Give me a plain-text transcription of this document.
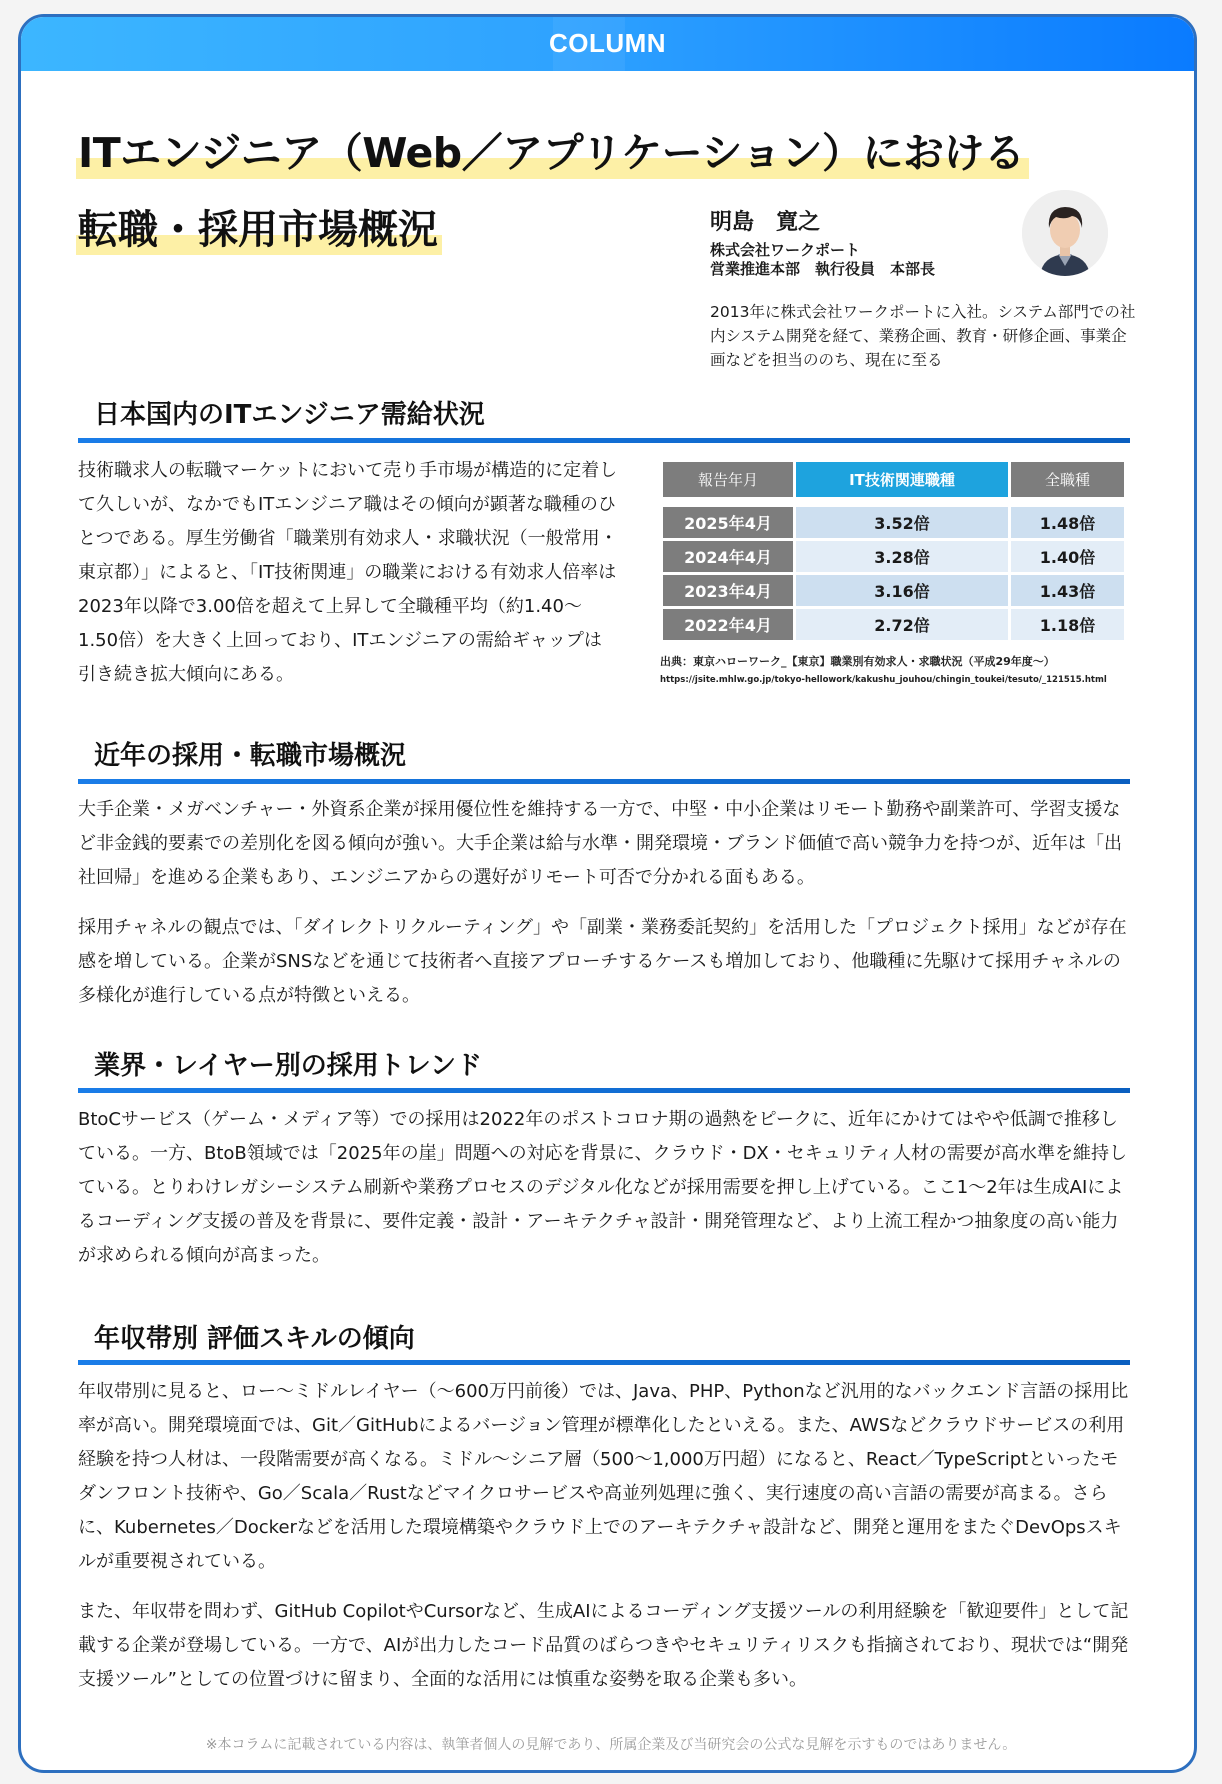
COLUMN
ITエンジニア（Web／アプリケーション）における
転職・採用市場概況	明島　寛之
株式会社ワークポート
営業推進本部　執行役員　本部長
2013年に株式会社ワークポートに入社。システム部門での社内システム開発を経て、業務企画、教育・研修企画、事業企画などを担当ののち、現在に至る
日本国内のITエンジニア需給状況

技術職求人の転職マーケットにおいて売り手市場が構造的に定着して久しいが、なかでもITエンジニア職はその傾向が顕著な職種のひとつである。厚生労働省「職業別有効求人・求職状況（一般常用・東京都）」によると、「IT技術関連」の職業における有効求人倍率は2023年以降で3.00倍を超えて上昇して全職種平均（約1.40～1.50倍）を大きく上回っており、ITエンジニアの需給ギャップは引き続き拡大傾向にある。

報告年月	IT技術関連職種	全職種

2025年4月	3.52倍	1.48倍
2024年4月	3.28倍	1.40倍
2023年4月	3.16倍	1.43倍
2022年4月	2.72倍	1.18倍
出典：東京ハローワーク_【東京】職業別有効求人・求職状況（平成29年度～）
https://jsite.mhlw.go.jp/tokyo-hellowork/kakushu_jouhou/chingin_toukei/tesuto/_121515.html
近年の採用・転職市場概況

大手企業・メガベンチャー・外資系企業が採用優位性を維持する一方で、中堅・中小企業はリモート勤務や副業許可、学習支援など非金銭的要素での差別化を図る傾向が強い。大手企業は給与水準・開発環境・ブランド価値で高い競争力を持つが、近年は「出社回帰」を進める企業もあり、エンジニアからの選好がリモート可否で分かれる面もある。

採用チャネルの観点では、「ダイレクトリクルーティング」や「副業・業務委託契約」を活用した「プロジェクト採用」などが存在感を増している。企業がSNSなどを通じて技術者へ直接アプローチするケースも増加しており、他職種に先駆けて採用チャネルの多様化が進行している点が特徴といえる。

業界・レイヤー別の採用トレンド

BtoCサービス（ゲーム・メディア等）での採用は2022年のポストコロナ期の過熱をピークに、近年にかけてはやや低調で推移している。一方、BtoB領域では「2025年の崖」問題への対応を背景に、クラウド・DX・セキュリティ人材の需要が高水準を維持している。とりわけレガシーシステム刷新や業務プロセスのデジタル化などが採用需要を押し上げている。ここ1～2年は生成AIによるコーディング支援の普及を背景に、要件定義・設計・アーキテクチャ設計・開発管理など、より上流工程かつ抽象度の高い能力が求められる傾向が高まった。

年収帯別 評価スキルの傾向

年収帯別に見ると、ロー～ミドルレイヤー（～600万円前後）では、Java、PHP、Pythonなど汎用的なバックエンド言語の採用比率が高い。開発環境面では、Git／GitHubによるバージョン管理が標準化したといえる。また、AWSなどクラウドサービスの利用経験を持つ人材は、一段階需要が高くなる。ミドル～シニア層（500～1,000万円超）になると、React／TypeScriptといったモダンフロント技術や、Go／Scala／Rustなどマイクロサービスや高並列処理に強く、実行速度の高い言語の需要が高まる。さらに、Kubernetes／Dockerなどを活用した環境構築やクラウド上でのアーキテクチャ設計など、開発と運用をまたぐDevOpsスキルが重要視されている。

また、年収帯を問わず、GitHub CopilotやCursorなど、生成AIによるコーディング支援ツールの利用経験を「歓迎要件」として記載する企業が登場している。一方で、AIが出力したコード品質のばらつきやセキュリティリスクも指摘されており、現状では“開発支援ツール”としての位置づけに留まり、全面的な活用には慎重な姿勢を取る企業も多い。

※本コラムに記載されている内容は、執筆者個人の見解であり、所属企業及び当研究会の公式な見解を示すものではありません。
